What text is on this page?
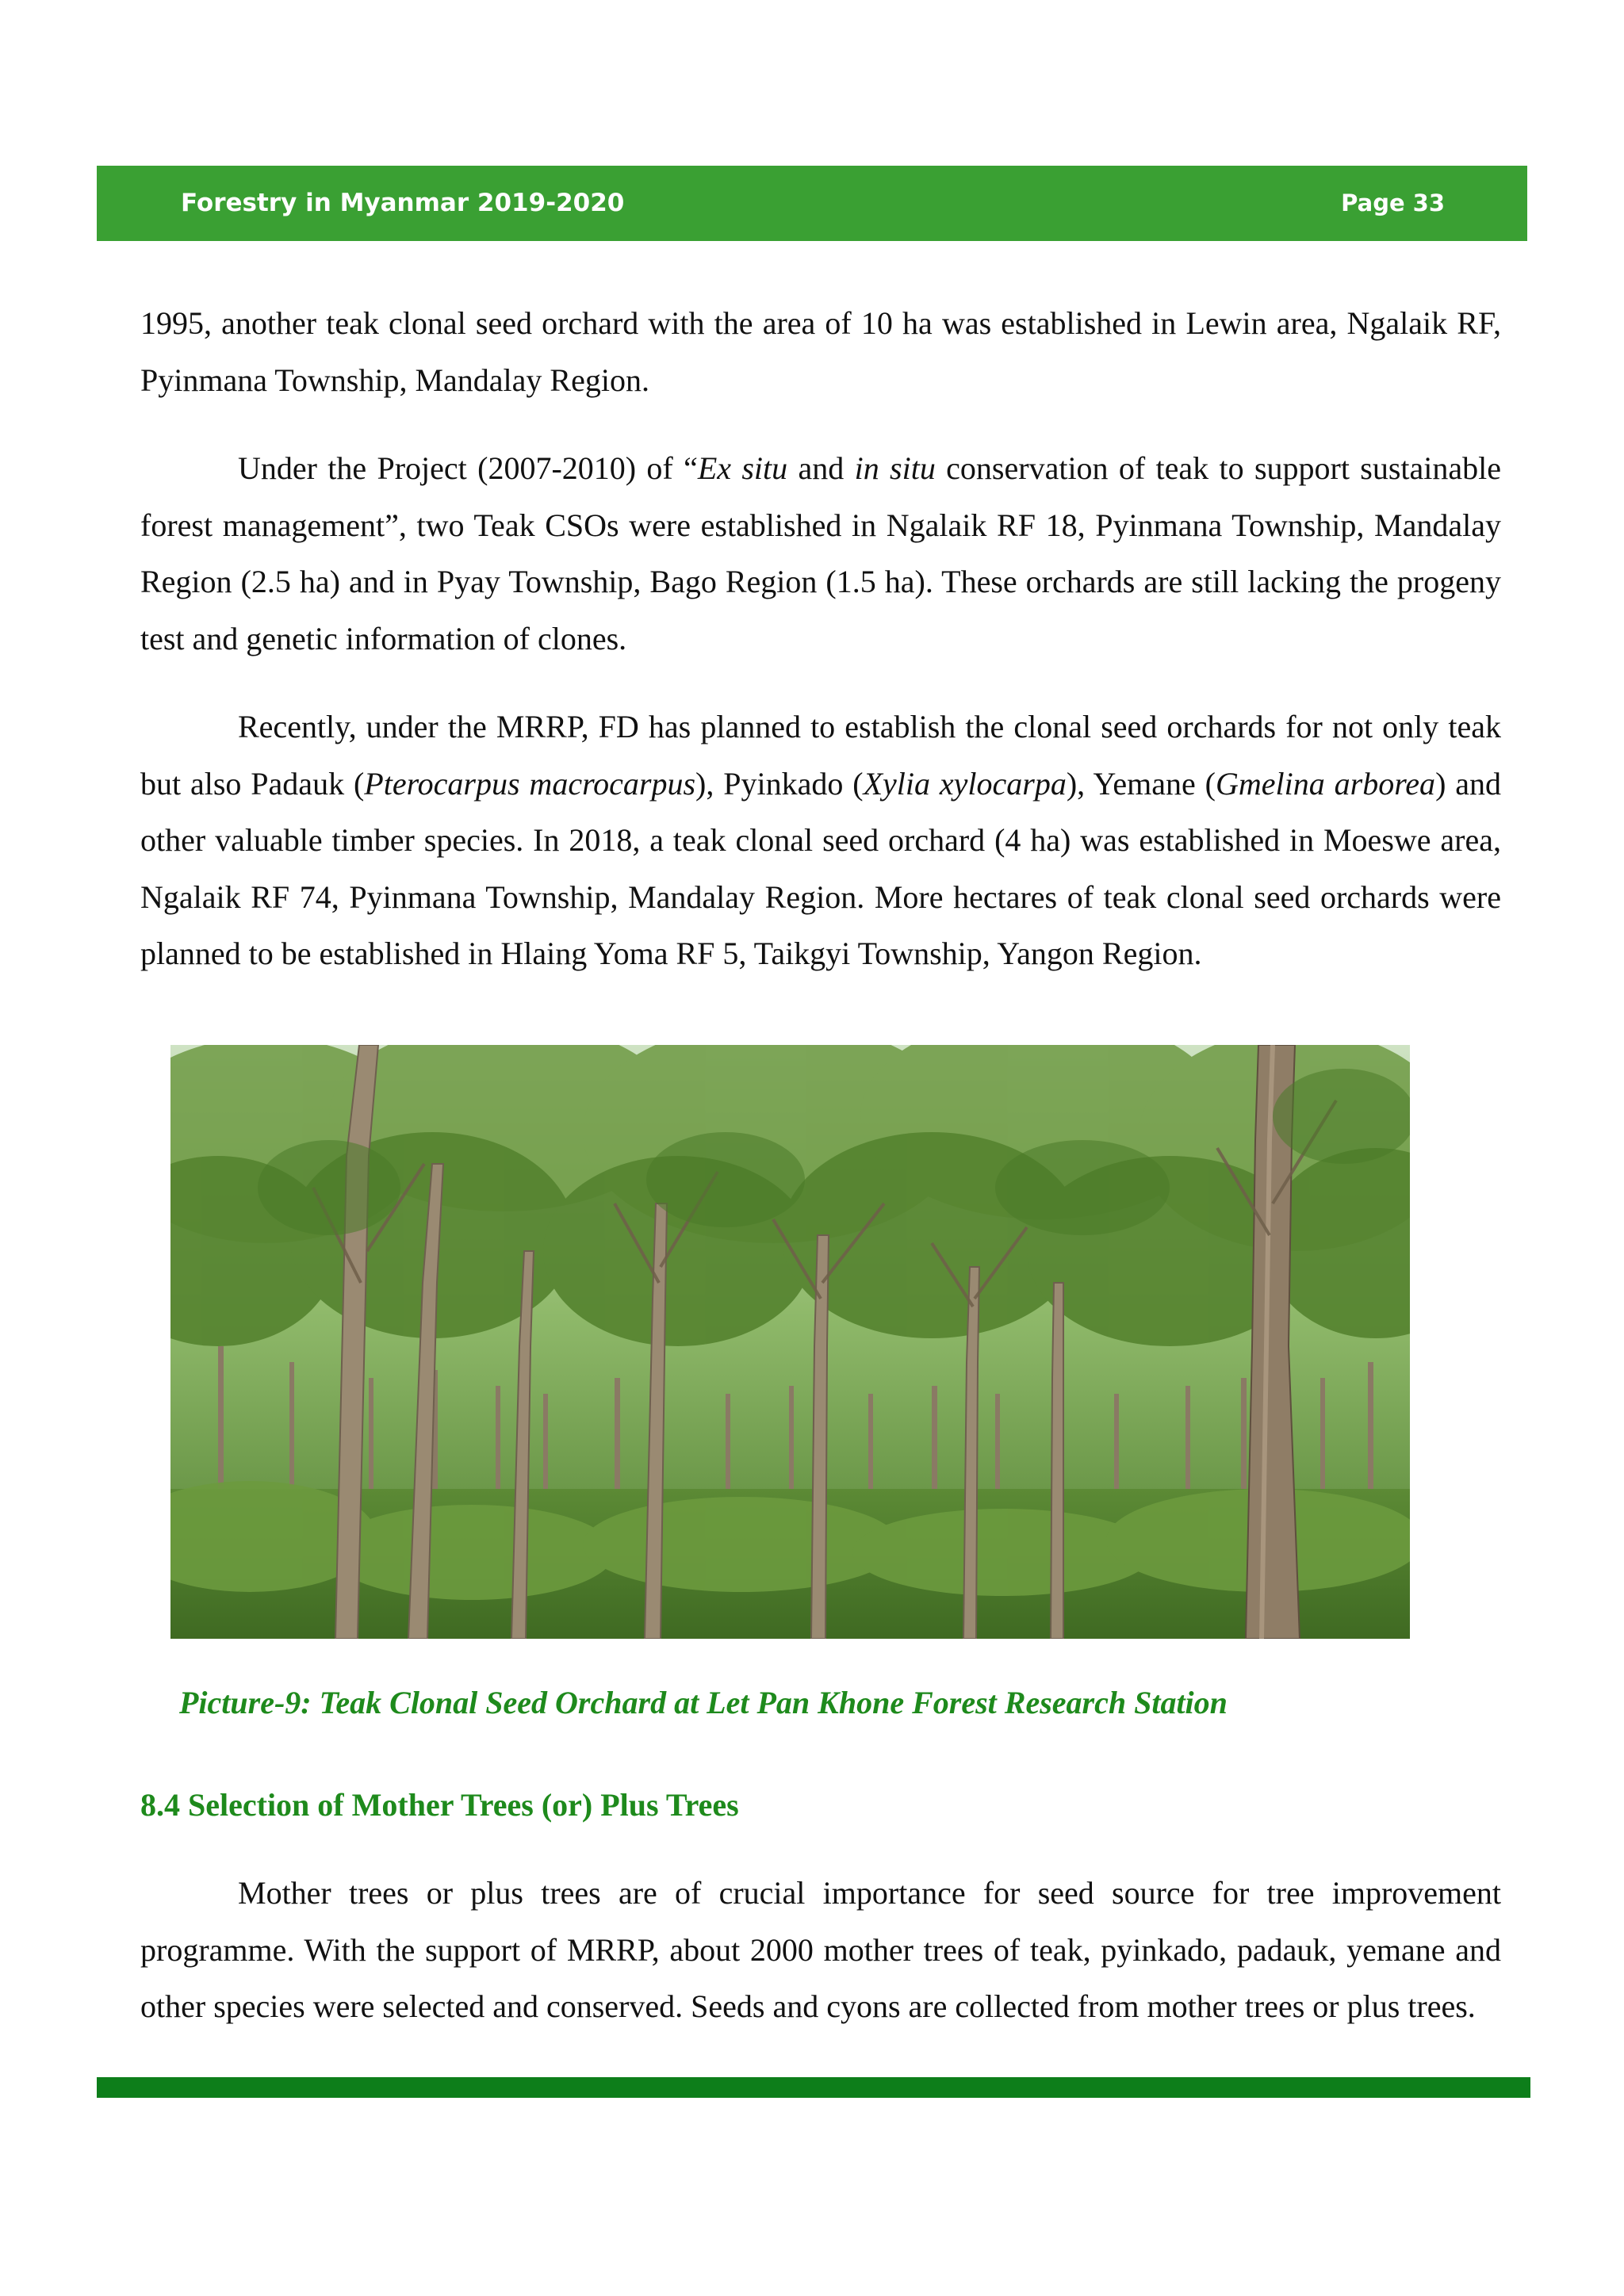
Forestry in Myanmar 2019-2020	Page 33

1995, another teak clonal seed orchard with the area of 10 ha was established in Lewin area, Ngalaik RF, Pyinmana Township, Mandalay Region.

Under the Project (2007-2010) of “Ex situ and in situ conservation of teak to support sustainable forest management”, two Teak CSOs were established in Ngalaik RF 18, Pyinmana Township, Mandalay Region (2.5 ha) and in Pyay Township, Bago Region (1.5 ha). These orchards are still lacking the progeny test and genetic information of clones.

Recently, under the MRRP, FD has planned to establish the clonal seed orchards for not only teak but also Padauk (Pterocarpus macrocarpus), Pyinkado (Xylia xylocarpa), Yemane (Gmelina arborea) and other valuable timber species. In 2018, a teak clonal seed orchard (4 ha) was established in Moeswe area, Ngalaik RF 74, Pyinmana Township, Mandalay Region. More hectares of teak clonal seed orchards were planned to be established in Hlaing Yoma RF 5, Taikgyi Township, Yangon Region.

Picture-9: Teak Clonal Seed Orchard at Let Pan Khone Forest Research Station
8.4 Selection of Mother Trees (or) Plus Trees

Mother trees or plus trees are of crucial importance for seed source for tree improvement programme. With the support of MRRP, about 2000 mother trees of teak, pyinkado, padauk, yemane and other species were selected and conserved. Seeds and cyons are collected from mother trees or plus trees.
